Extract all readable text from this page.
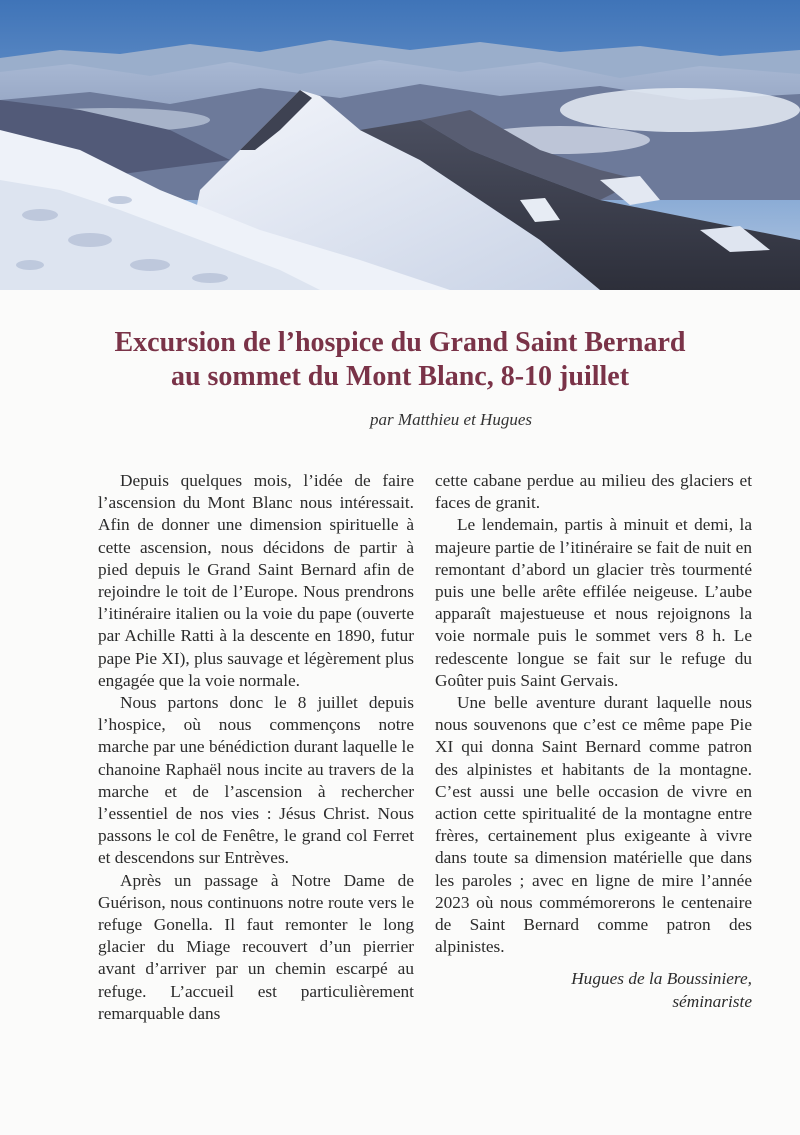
Excursion de l’hospice du Grand Saint Bernard
au sommet du Mont Blanc, 8-10 juillet
par Matthieu et Hugues

Depuis quelques mois, l’idée de faire l’ascension du Mont Blanc nous intéressait. Afin de donner une dimension spirituelle à cette ascension, nous décidons de partir à pied depuis le Grand Saint Bernard afin de rejoindre le toit de l’Europe. Nous prendrons l’itinéraire italien ou la voie du pape (ouverte par Achille Ratti à la descente en 1890, futur pape Pie XI), plus sauvage et légèrement plus engagée que la voie normale.

Nous partons donc le 8 juillet depuis l’hospice, où nous commençons notre marche par une bénédiction durant laquelle le chanoine Raphaël nous incite au travers de la marche et de l’ascension à rechercher l’essentiel de nos vies : Jésus Christ. Nous passons le col de Fenêtre, le grand col Ferret et descendons sur Entrèves.

Après un passage à Notre Dame de Guérison, nous continuons notre route vers le refuge Gonella. Il faut remonter le long glacier du Miage recouvert d’un pierrier avant d’arriver par un chemin escarpé au refuge. L’accueil est particulièrement remarquable dans

cette cabane perdue au milieu des glaciers et faces de granit.

Le lendemain, partis à minuit et demi, la majeure partie de l’itinéraire se fait de nuit en remontant d’abord un glacier très tourmenté puis une belle arête effilée neigeuse. L’aube apparaît majestueuse et nous rejoignons la voie normale puis le sommet vers 8 h. Le redescente longue se fait sur le refuge du Goûter puis Saint Gervais.

Une belle aventure durant laquelle nous nous souvenons que c’est ce même pape Pie XI qui donna Saint Bernard comme patron des alpinistes et habitants de la montagne. C’est aussi une belle occasion de vivre en action cette spiritualité de la montagne entre frères, certainement plus exigeante à vivre dans toute sa dimension matérielle que dans les paroles ; avec en ligne de mire l’année 2023 où nous commémorerons le centenaire de Saint Bernard comme patron des alpinistes.

Hugues de la Boussiniere,
séminariste
